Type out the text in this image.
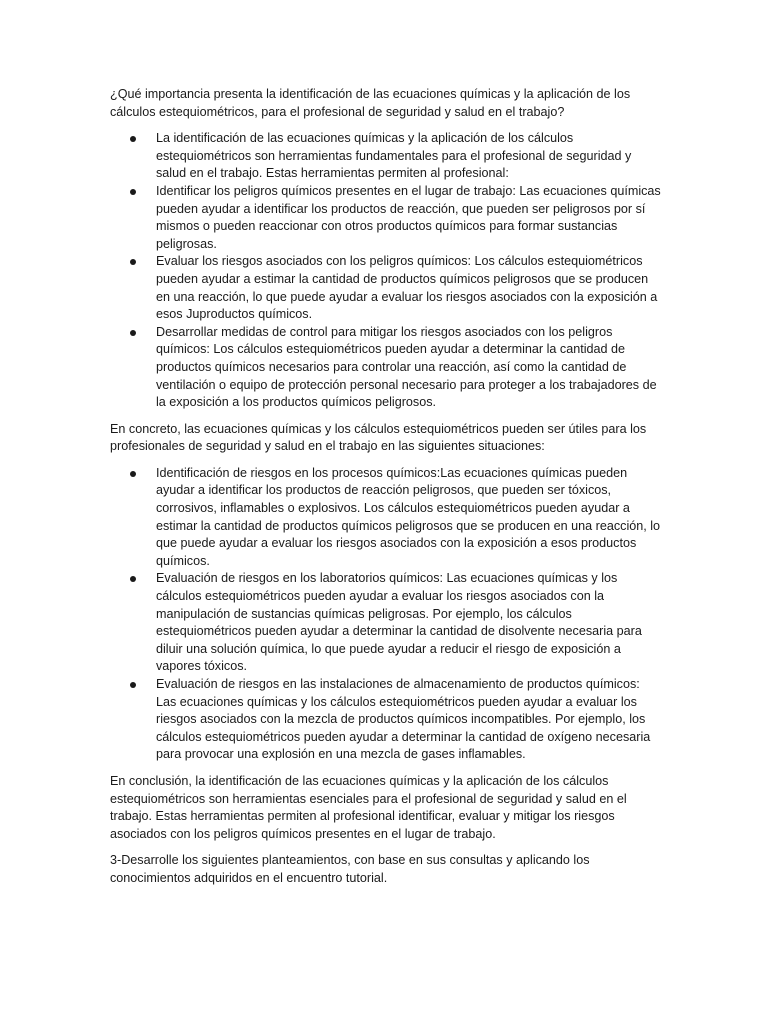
¿Qué importancia presenta la identificación de las ecuaciones químicas y la aplicación de los cálculos estequiométricos, para el profesional de seguridad y salud en el trabajo?

La identificación de las ecuaciones químicas y la aplicación de los cálculos estequiométricos son herramientas fundamentales para el profesional de seguridad y salud en el trabajo. Estas herramientas permiten al profesional:
Identificar los peligros químicos presentes en el lugar de trabajo: Las ecuaciones químicas pueden ayudar a identificar los productos de reacción, que pueden ser peligrosos por sí mismos o pueden reaccionar con otros productos químicos para formar sustancias peligrosas.
Evaluar los riesgos asociados con los peligros químicos: Los cálculos estequiométricos pueden ayudar a estimar la cantidad de productos químicos peligrosos que se producen en una reacción, lo que puede ayudar a evaluar los riesgos asociados con la exposición a esos Juproductos químicos.
Desarrollar medidas de control para mitigar los riesgos asociados con los peligros químicos: Los cálculos estequiométricos pueden ayudar a determinar la cantidad de productos químicos necesarios para controlar una reacción, así como la cantidad de ventilación o equipo de protección personal necesario para proteger a los trabajadores de la exposición a los productos químicos peligrosos.

En concreto, las ecuaciones químicas y los cálculos estequiométricos pueden ser útiles para los profesionales de seguridad y salud en el trabajo en las siguientes situaciones:

Identificación de riesgos en los procesos químicos:Las ecuaciones químicas pueden ayudar a identificar los productos de reacción peligrosos, que pueden ser tóxicos, corrosivos, inflamables o explosivos. Los cálculos estequiométricos pueden ayudar a estimar la cantidad de productos químicos peligrosos que se producen en una reacción, lo que puede ayudar a evaluar los riesgos asociados con la exposición a esos productos químicos.
Evaluación de riesgos en los laboratorios químicos: Las ecuaciones químicas y los cálculos estequiométricos pueden ayudar a evaluar los riesgos asociados con la manipulación de sustancias químicas peligrosas. Por ejemplo, los cálculos estequiométricos pueden ayudar a determinar la cantidad de disolvente necesaria para diluir una solución química, lo que puede ayudar a reducir el riesgo de exposición a vapores tóxicos.
Evaluación de riesgos en las instalaciones de almacenamiento de productos químicos: Las ecuaciones químicas y los cálculos estequiométricos pueden ayudar a evaluar los riesgos asociados con la mezcla de productos químicos incompatibles. Por ejemplo, los cálculos estequiométricos pueden ayudar a determinar la cantidad de oxígeno necesaria para provocar una explosión en una mezcla de gases inflamables.

En conclusión, la identificación de las ecuaciones químicas y la aplicación de los cálculos estequiométricos son herramientas esenciales para el profesional de seguridad y salud en el trabajo. Estas herramientas permiten al profesional identificar, evaluar y mitigar los riesgos asociados con los peligros químicos presentes en el lugar de trabajo.

3-Desarrolle los siguientes planteamientos, con base en sus consultas y aplicando los conocimientos adquiridos en el encuentro tutorial.
